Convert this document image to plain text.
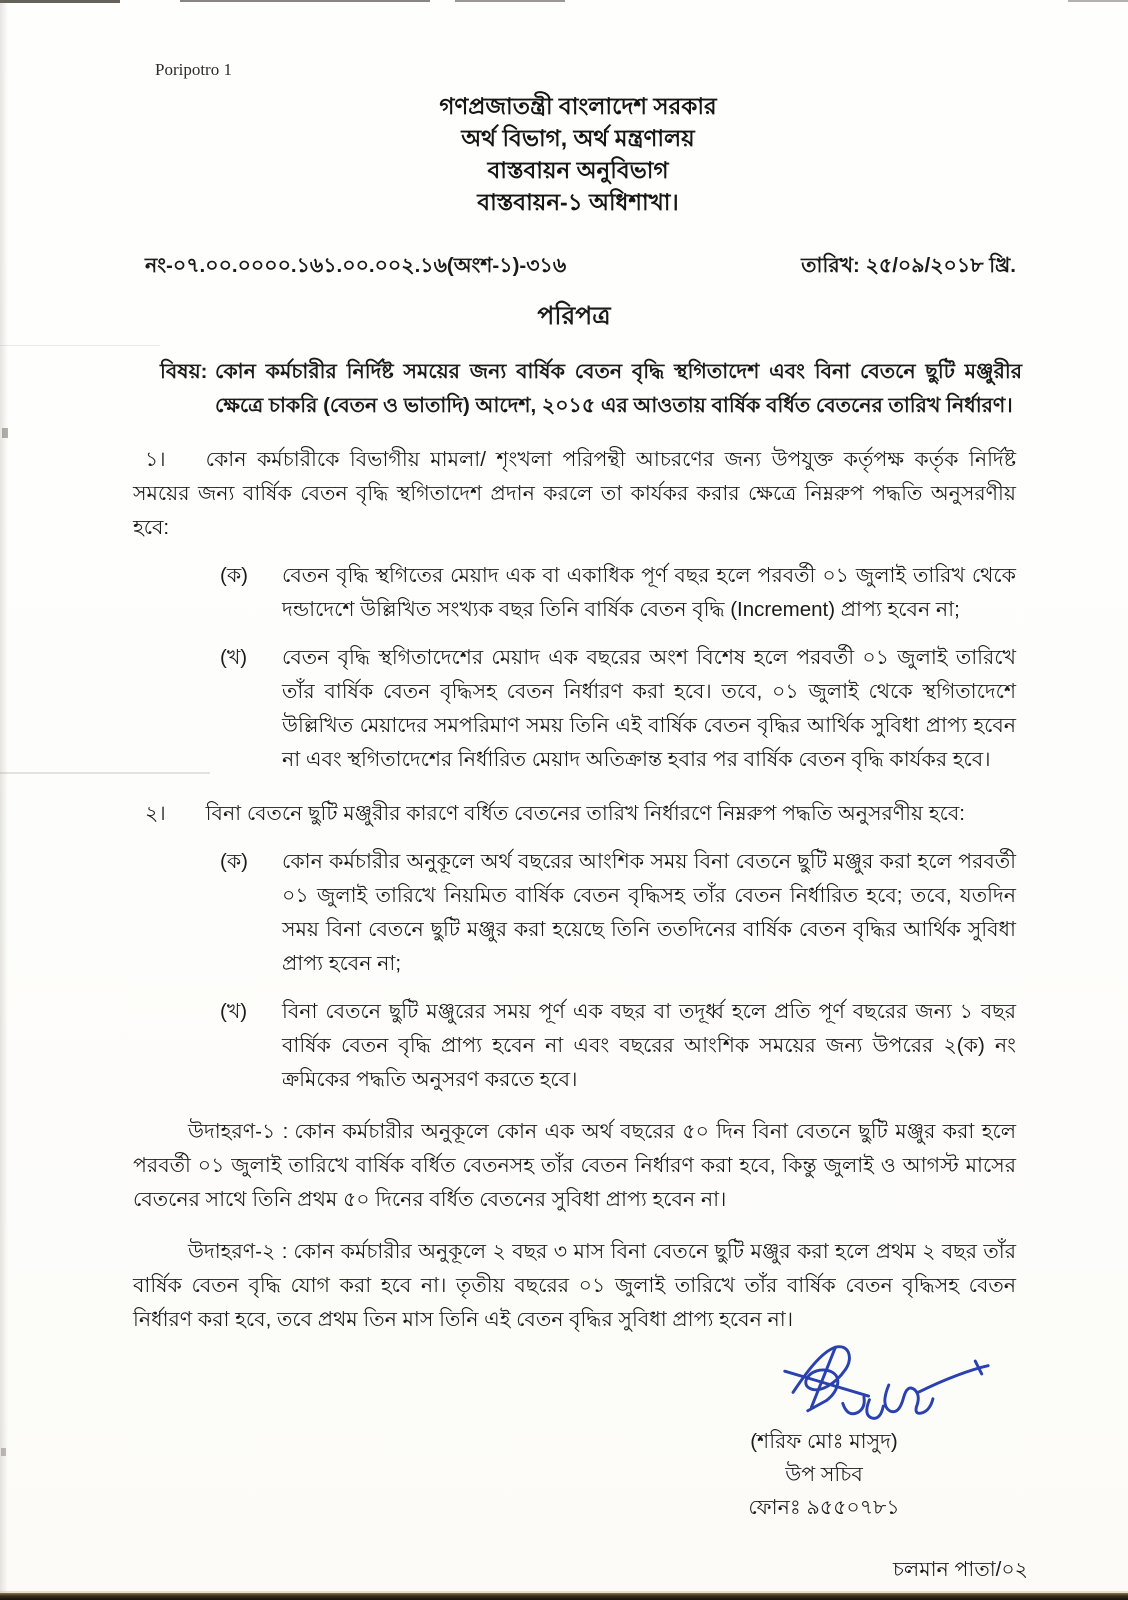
Poripotro 1
গণপ্রজাতন্ত্রী বাংলাদেশ সরকার
অর্থ বিভাগ, অর্থ মন্ত্রণালয়
বাস্তবায়ন অনুবিভাগ
বাস্তবায়ন-১ অধিশাখা।
নং-০৭.০০.০০০০.১৬১.০০.০০২.১৬(অংশ-১)-৩১৬	তারিখ: ২৫/০৯/২০১৮ খ্রি.
পরিপত্র
বিষয়: কোন কর্মচারীর নির্দিষ্ট সময়ের জন্য বার্ষিক বেতন বৃদ্ধি স্থগিতাদেশ এবং বিনা বেতনে ছুটি মঞ্জুরীর ক্ষেত্রে চাকরি (বেতন ও ভাতাদি) আদেশ, ২০১৫ এর আওতায় বার্ষিক বর্ধিত বেতনের তারিখ নির্ধারণ।
১। কোন কর্মচারীকে বিভাগীয় মামলা/ শৃংখলা পরিপন্থী আচরণের জন্য উপযুক্ত কর্তৃপক্ষ কর্তৃক নির্দিষ্ট সময়ের জন্য বার্ষিক বেতন বৃদ্ধি স্থগিতাদেশ প্রদান করলে তা কার্যকর করার ক্ষেত্রে নিম্নরুপ পদ্ধতি অনুসরণীয় হবে:
(ক) বেতন বৃদ্ধি স্থগিতের মেয়াদ এক বা একাধিক পূর্ণ বছর হলে পরবর্তী ০১ জুলাই তারিখ থেকে দন্ডাদেশে উল্লিখিত সংখ্যক বছর তিনি বার্ষিক বেতন বৃদ্ধি (Increment) প্রাপ্য হবেন না;
(খ) বেতন বৃদ্ধি স্থগিতাদেশের মেয়াদ এক বছরের অংশ বিশেষ হলে পরবর্তী ০১ জুলাই তারিখে তাঁর বার্ষিক বেতন বৃদ্ধিসহ বেতন নির্ধারণ করা হবে। তবে, ০১ জুলাই থেকে স্থগিতাদেশে উল্লিখিত মেয়াদের সমপরিমাণ সময় তিনি এই বার্ষিক বেতন বৃদ্ধির আর্থিক সুবিধা প্রাপ্য হবেন না এবং স্থগিতাদেশের নির্ধারিত মেয়াদ অতিক্রান্ত হবার পর বার্ষিক বেতন বৃদ্ধি কার্যকর হবে।
২। বিনা বেতনে ছুটি মঞ্জুরীর কারণে বর্ধিত বেতনের তারিখ নির্ধারণে নিম্নরুপ পদ্ধতি অনুসরণীয় হবে:
(ক) কোন কর্মচারীর অনুকূলে অর্থ বছরের আংশিক সময় বিনা বেতনে ছুটি মঞ্জুর করা হলে পরবর্তী ০১ জুলাই তারিখে নিয়মিত বার্ষিক বেতন বৃদ্ধিসহ তাঁর বেতন নির্ধারিত হবে; তবে, যতদিন সময় বিনা বেতনে ছুটি মঞ্জুর করা হয়েছে তিনি ততদিনের বার্ষিক বেতন বৃদ্ধির আর্থিক সুবিধা প্রাপ্য হবেন না;
(খ) বিনা বেতনে ছুটি মঞ্জুরের সময় পূর্ণ এক বছর বা তদূর্ধ্ব হলে প্রতি পূর্ণ বছরের জন্য ১ বছর বার্ষিক বেতন বৃদ্ধি প্রাপ্য হবেন না এবং বছরের আংশিক সময়ের জন্য উপরের ২(ক) নং ক্রমিকের পদ্ধতি অনুসরণ করতে হবে।
উদাহরণ-১ : কোন কর্মচারীর অনুকূলে কোন এক অর্থ বছরের ৫০ দিন বিনা বেতনে ছুটি মঞ্জুর করা হলে পরবর্তী ০১ জুলাই তারিখে বার্ষিক বর্ধিত বেতনসহ তাঁর বেতন নির্ধারণ করা হবে, কিন্তু জুলাই ও আগস্ট মাসের বেতনের সাথে তিনি প্রথম ৫০ দিনের বর্ধিত বেতনের সুবিধা প্রাপ্য হবেন না।
উদাহরণ-২ : কোন কর্মচারীর অনুকূলে ২ বছর ৩ মাস বিনা বেতনে ছুটি মঞ্জুর করা হলে প্রথম ২ বছর তাঁর বার্ষিক বেতন বৃদ্ধি যোগ করা হবে না। তৃতীয় বছরের ০১ জুলাই তারিখে তাঁর বার্ষিক বেতন বৃদ্ধিসহ বেতন নির্ধারণ করা হবে, তবে প্রথম তিন মাস তিনি এই বেতন বৃদ্ধির সুবিধা প্রাপ্য হবেন না।
(শরিফ মোঃ মাসুদ)
উপ সচিব
ফোনঃ ৯৫৫০৭৮১
চলমান পাতা/০২
